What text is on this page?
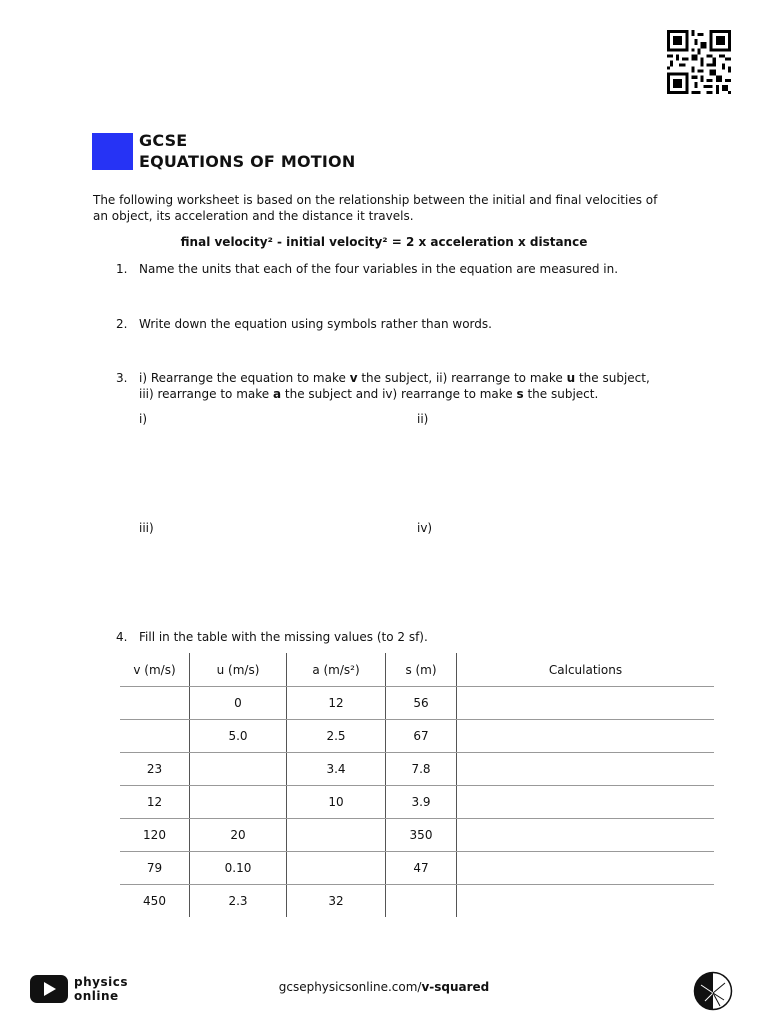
GCSE
EQUATIONS OF MOTION
The following worksheet is based on the relationship between the initial and final velocities of
an object, its acceleration and the distance it travels.
final velocity² - initial velocity² = 2 x acceleration x distance
1. Name the units that each of the four variables in the equation are measured in.
2. Write down the equation using symbols rather than words.
3. i) Rearrange the equation to make v the subject, ii) rearrange to make u the subject,
iii) rearrange to make a the subject and iv) rearrange to make s the subject.
i)	ii)
iii)	iv)
4. Fill in the table with the missing values (to 2 sf).
v (m/s)	u (m/s)	a (m/s²)	s (m)	Calculations
	0	12	56	
	5.0	2.5	67	
23		3.4	7.8	
12		10	3.9	
120	20		350	
79	0.10		47	
450	2.3	32		
physics
online
gcsephysicsonline.com/v-squared
